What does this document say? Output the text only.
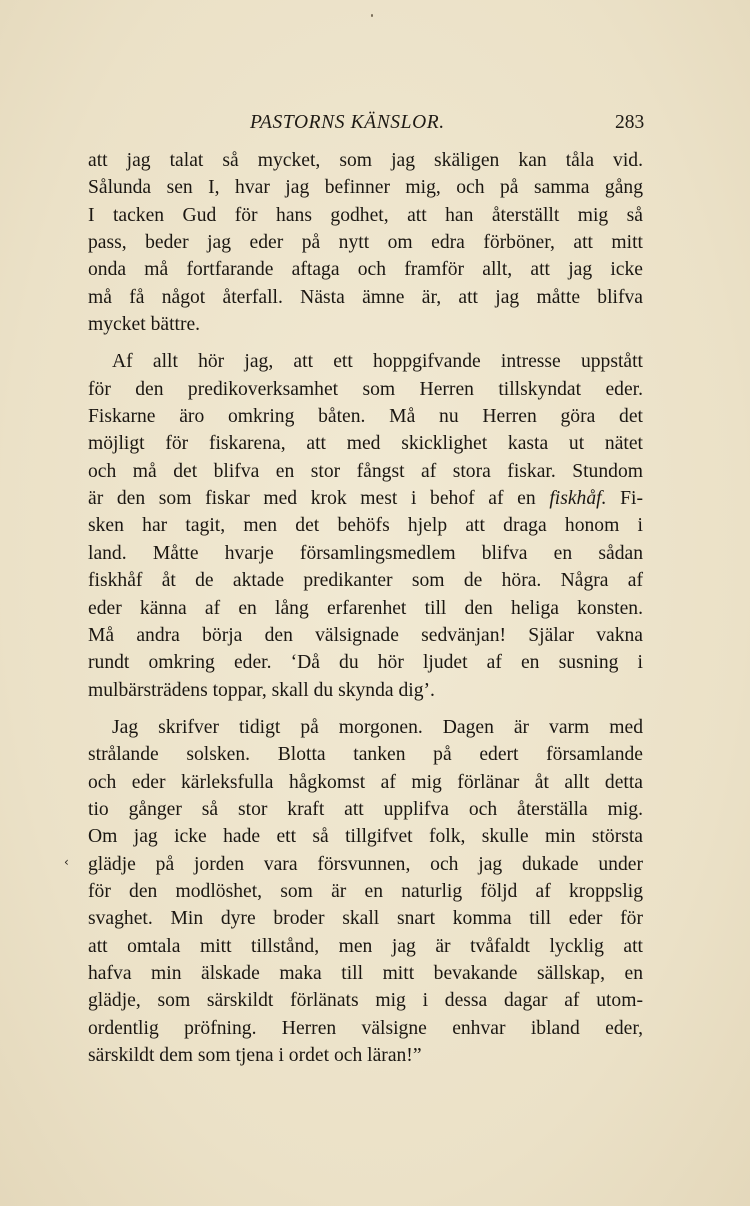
PASTORNS KÄNSLOR.	283
‹
att jag talat så mycket, som jag skäligen kan tåla vid.
Sålunda sen I, hvar jag befinner mig, och på samma gång
I tacken Gud för hans godhet, att han återställt mig så
pass, beder jag eder på nytt om edra förböner, att mitt
onda må fortfarande aftaga och framför allt, att jag icke
må få något återfall. Nästa ämne är, att jag måtte blifva
mycket bättre.
Af allt hör jag, att ett hoppgifvande intresse uppstått
för den predikoverksamhet som Herren tillskyndat eder.
Fiskarne äro omkring båten. Må nu Herren göra det
möjligt för fiskarena, att med skicklighet kasta ut nätet
och må det blifva en stor fångst af stora fiskar. Stundom
är den som fiskar med krok mest i behof af en fiskhåf. Fi-
sken har tagit, men det behöfs hjelp att draga honom i
land. Måtte hvarje församlingsmedlem blifva en sådan
fiskhåf åt de aktade predikanter som de höra. Några af
eder känna af en lång erfarenhet till den heliga konsten.
Må andra börja den välsignade sedvänjan! Själar vakna
rundt omkring eder. ‘Då du hör ljudet af en susning i
mulbärsträdens toppar, skall du skynda dig’.
Jag skrifver tidigt på morgonen. Dagen är varm med
strålande solsken. Blotta tanken på edert församlande
och eder kärleksfulla hågkomst af mig förlänar åt allt detta
tio gånger så stor kraft att upplifva och återställa mig.
Om jag icke hade ett så tillgifvet folk, skulle min största
glädje på jorden vara försvunnen, och jag dukade under
för den modlöshet, som är en naturlig följd af kroppslig
svaghet. Min dyre broder skall snart komma till eder för
att omtala mitt tillstånd, men jag är tvåfaldt lycklig att
hafva min älskade maka till mitt bevakande sällskap, en
glädje, som särskildt förlänats mig i dessa dagar af utom-
ordentlig pröfning. Herren välsigne enhvar ibland eder,
särskildt dem som tjena i ordet och läran!”
